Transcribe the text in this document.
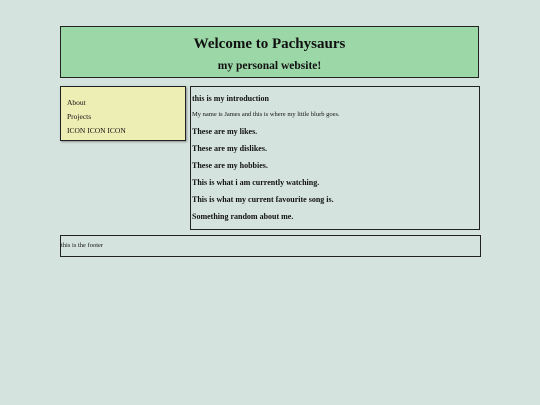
Welcome to Pachysaurs
my personal website!
About
Projects
ICON ICON ICON
this is my introduction
My name is James and this is where my little blurb goes.
These are my likes.
These are my dislikes.
These are my hobbies.
This is what i am currently watching.
This is what my current favourite song is.
Something random about me.
this is the footer
